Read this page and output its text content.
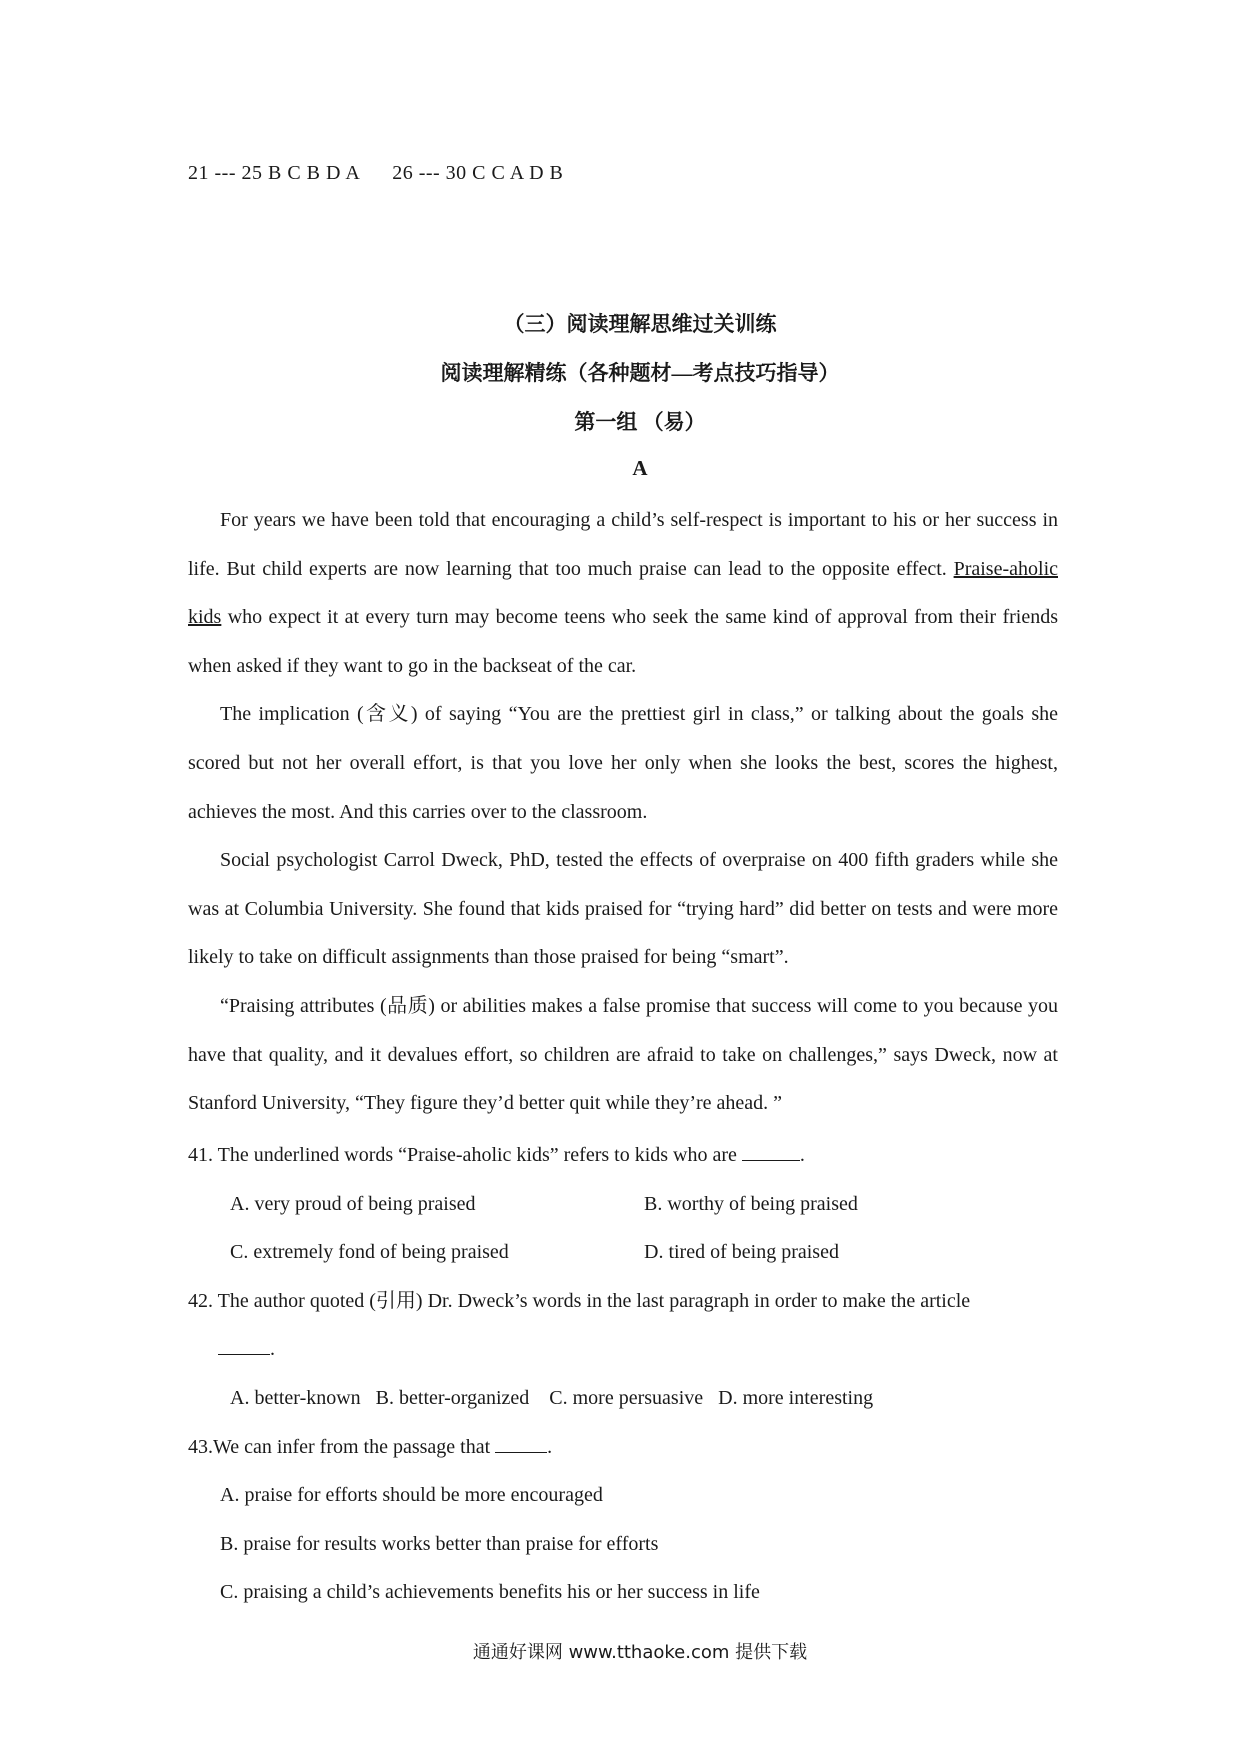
21 --- 25 B C B D A 26 --- 30 C C A D B
（三）阅读理解思维过关训练
阅读理解精练（各种题材—考点技巧指导）
第一组 （易）
A

For years we have been told that encouraging a child’s self-respect is important to his or her success in life. But child experts are now learning that too much praise can lead to the opposite effect. Praise-aholic kids who expect it at every turn may become teens who seek the same kind of approval from their friends when asked if they want to go in the backseat of the car.

The implication (含义) of saying “You are the prettiest girl in class,” or talking about the goals she scored but not her overall effort, is that you love her only when she looks the best, scores the highest, achieves the most. And this carries over to the classroom.

Social psychologist Carrol Dweck, PhD, tested the effects of overpraise on 400 fifth graders while she was at Columbia University. She found that kids praised for “trying hard” did better on tests and were more likely to take on difficult assignments than those praised for being “smart”.

“Praising attributes (品质) or abilities makes a false promise that success will come to you because you have that quality, and it devalues effort, so children are afraid to take on challenges,” says Dweck, now at Stanford University, “They figure they’d better quit while they’re ahead. ”

41. The underlined words “Praise-aholic kids” refers to kids who are	.
A. very proud of being praised	B. worthy of being praised
C. extremely fond of being praised	D. tired of being praised
42. The author quoted (引用) Dr. Dweck’s words in the last paragraph in order to make the article
.
A. better-known   B. better-organized    C. more persuasive   D. more interesting
43.We can infer from the passage that	.
A. praise for efforts should be more encouraged
B. praise for results works better than praise for efforts
C. praising a child’s achievements benefits his or her success in life
通通好课网 www.tthaoke.com 提供下载
